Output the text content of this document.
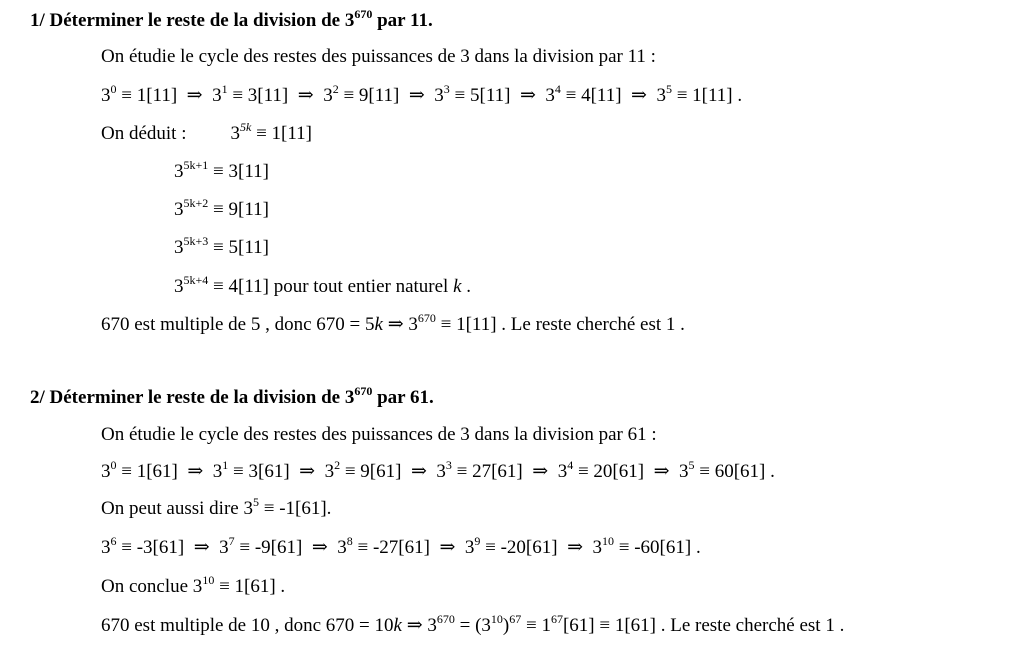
1/ Déterminer le reste de la division de $3^{670}$ par 11.
On étudie le cycle des restes des puissances de 3 dans la division par 11 :
$3^0 \equiv 1[11]$  ⇒  $3^1 \equiv 3[11]$  ⇒  $3^2 \equiv 9[11]$  ⇒  $3^3 \equiv 5[11]$  ⇒  $3^4 \equiv 4[11]$  ⇒  $3^5 \equiv 1[11]$ .
On déduit : $3^{5k} \equiv 1[11]$
$3^{5k+1} \equiv 3[11]$
$3^{5k+2} \equiv 9[11]$
$3^{5k+3} \equiv 5[11]$
$3^{5k+4} \equiv 4[11]$ pour tout entier naturel k .
670 est multiple de 5 , donc 670 = 5k ⇒ $3^{670} \equiv 1[11]$ . Le reste cherché est 1 .
2/ Déterminer le reste de la division de $3^{670}$ par 61.
On étudie le cycle des restes des puissances de 3 dans la division par 61 :
$3^0 \equiv 1[61]$  ⇒  $3^1 \equiv 3[61]$  ⇒  $3^2 \equiv 9[61]$  ⇒  $3^3 \equiv 27[61]$  ⇒  $3^4 \equiv 20[61]$  ⇒  $3^5 \equiv 60[61]$ .
On peut aussi dire $3^5 \equiv -1[61]$.
$3^6 \equiv -3[61]$  ⇒  $3^7 \equiv -9[61]$  ⇒  $3^8 \equiv -27[61]$  ⇒  $3^9 \equiv -20[61]$  ⇒  $3^{10} \equiv -60[61]$ .
On conclue $3^{10} \equiv 1[61]$ .
670 est multiple de 10 , donc 670 = 10k ⇒ $3^{670} = (3^{10})^{67} \equiv 1^{67}[61] \equiv 1[61]$ . Le reste cherché est 1 .
